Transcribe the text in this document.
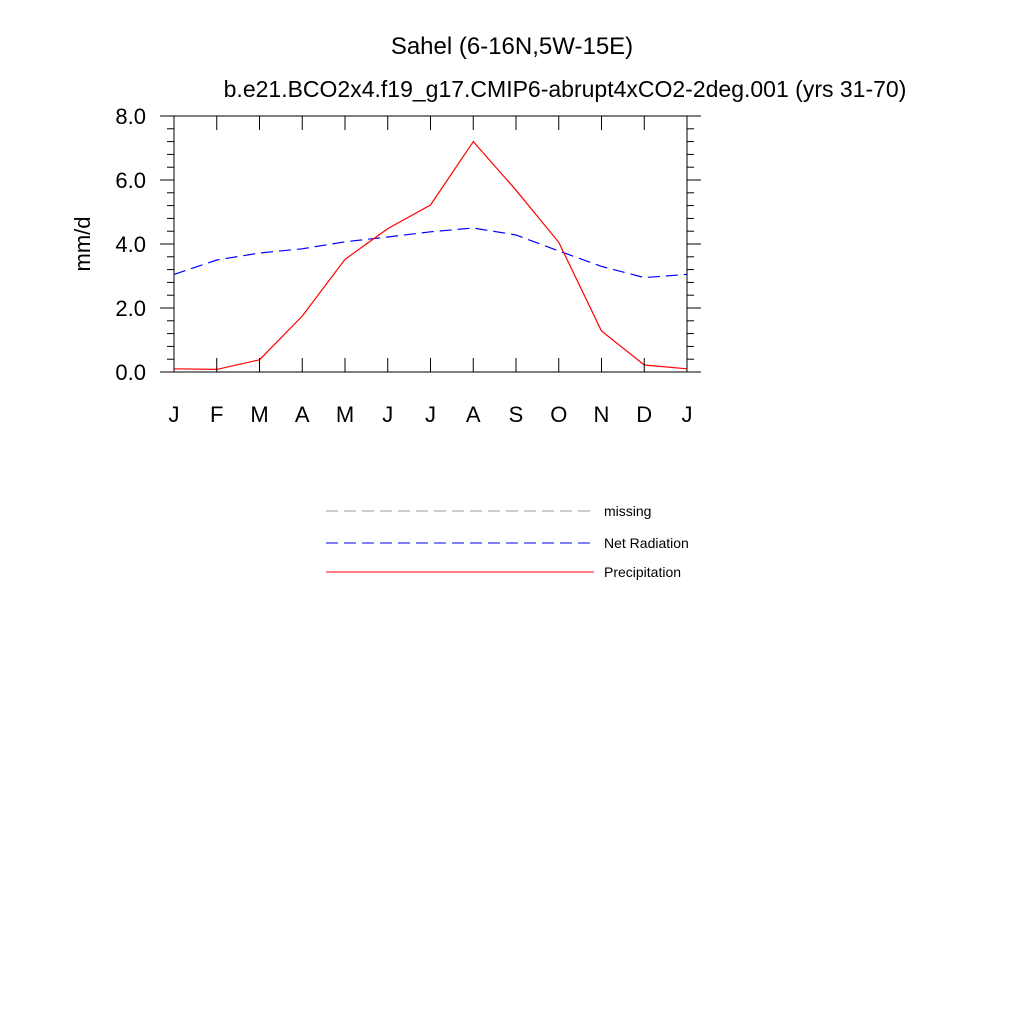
Sahel (6-16N,5W-15E)
b.e21.BCO2x4.f19_g17.CMIP6-abrupt4xCO2-2deg.001 (yrs 31-70)
mm/d
0.0
2.0
4.0
6.0
8.0
J F M A M J J A S O N D J
missing
Net Radiation
Precipitation
